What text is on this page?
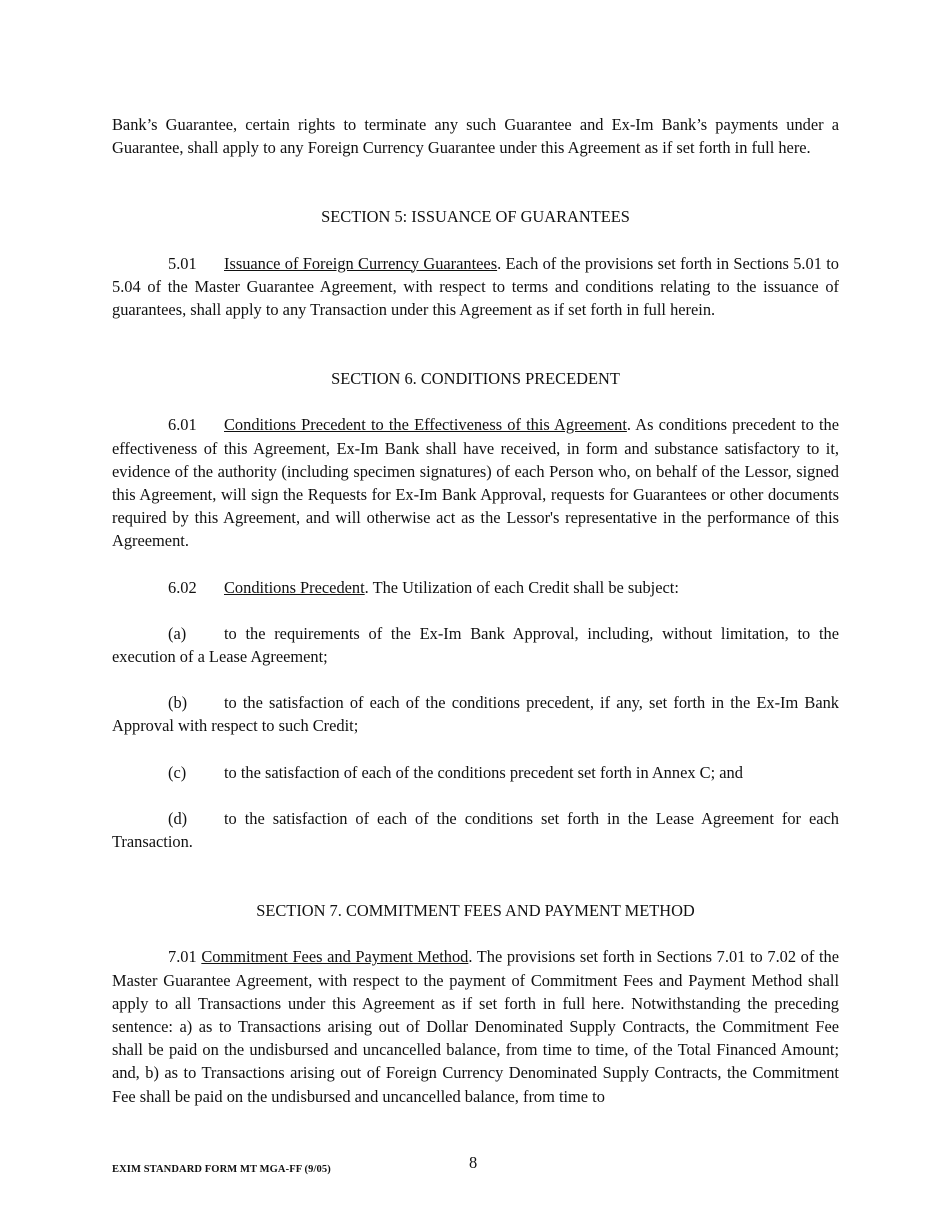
Bank’s Guarantee, certain rights to terminate any such Guarantee and Ex-Im Bank’s payments under a Guarantee, shall apply to any Foreign Currency Guarantee under this Agreement as if set forth in full here.

SECTION 5: ISSUANCE OF GUARANTEES

5.01 Issuance of Foreign Currency Guarantees. Each of the provisions set forth in Sections 5.01 to 5.04 of the Master Guarantee Agreement, with respect to terms and conditions relating to the issuance of guarantees, shall apply to any Transaction under this Agreement as if set forth in full herein.

SECTION 6. CONDITIONS PRECEDENT

6.01 Conditions Precedent to the Effectiveness of this Agreement. As conditions precedent to the effectiveness of this Agreement, Ex-Im Bank shall have received, in form and substance satisfactory to it, evidence of the authority (including specimen signatures) of each Person who, on behalf of the Lessor, signed this Agreement, will sign the Requests for Ex-Im Bank Approval, requests for Guarantees or other documents required by this Agreement, and will otherwise act as the Lessor's representative in the performance of this Agreement.

6.02 Conditions Precedent. The Utilization of each Credit shall be subject:

(a) to the requirements of the Ex-Im Bank Approval, including, without limitation, to the execution of a Lease Agreement;

(b) to the satisfaction of each of the conditions precedent, if any, set forth in the Ex-Im Bank Approval with respect to such Credit;

(c) to the satisfaction of each of the conditions precedent set forth in Annex C; and

(d) to the satisfaction of each of the conditions set forth in the Lease Agreement for each Transaction.

SECTION 7. COMMITMENT FEES AND PAYMENT METHOD

7.01 Commitment Fees and Payment Method. The provisions set forth in Sections 7.01 to 7.02 of the Master Guarantee Agreement, with respect to the payment of Commitment Fees and Payment Method shall apply to all Transactions under this Agreement as if set forth in full here. Notwithstanding the preceding sentence: a) as to Transactions arising out of Dollar Denominated Supply Contracts, the Commitment Fee shall be paid on the undisbursed and uncancelled balance, from time to time, of the Total Financed Amount; and, b) as to Transactions arising out of Foreign Currency Denominated Supply Contracts, the Commitment Fee shall be paid on the undisbursed and uncancelled balance, from time to

EXIM STANDARD FORM MT MGA-FF (9/05)	8
